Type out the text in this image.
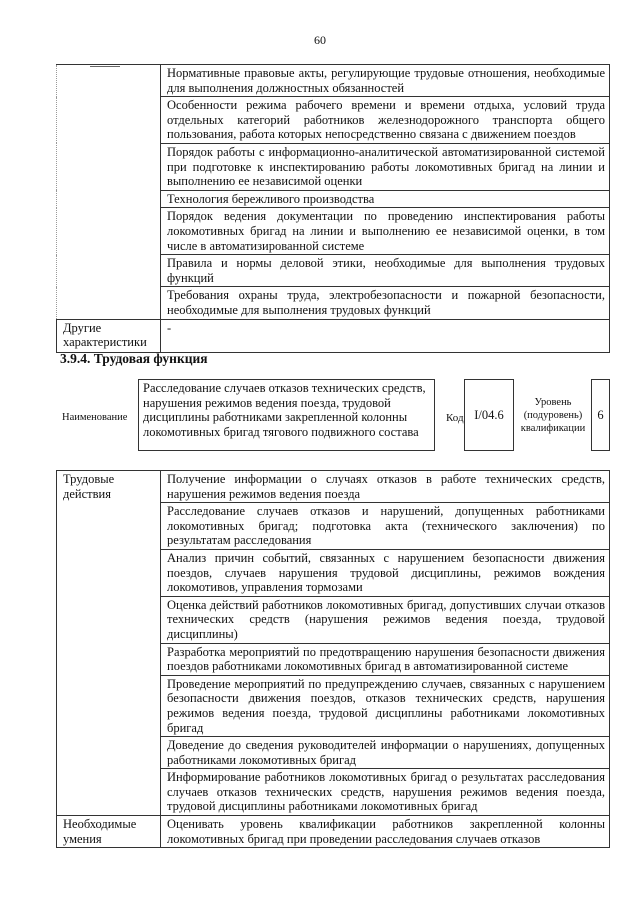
60
	Нормативные правовые акты, регулирующие трудовые отношения, необходимые для выполнения должностных обязанностей
	Особенности режима рабочего времени и времени отдыха, условий труда отдельных категорий работников железнодорожного транспорта общего пользования, работа которых непосредственно связана с движением поездов
	Порядок работы с информационно-аналитической автоматизированной системой при подготовке к инспектированию работы локомотивных бригад на линии и выполнению ее независимой оценки
	Технология бережливого производства
	Порядок ведения документации по проведению инспектирования работы локомотивных бригад на линии и выполнению ее независимой оценки, в том числе в автоматизированной системе
	Правила и нормы деловой этики, необходимые для выполнения трудовых функций
	Требования охраны труда, электробезопасности и пожарной безопасности, необходимые для выполнения трудовых функций
Другие характеристики	-
3.9.4. Трудовая функция
Наименование
Расследование случаев отказов технических средств, нарушения режимов ведения поезда, трудовой дисциплины работниками закрепленной колонны локомотивных бригад тягового подвижного состава
Код I/04.6
Уровень (подуровень) квалификации
6
Трудовые действия	Получение информации о случаях отказов в работе технических средств, нарушения режимов ведения поезда
	Расследование случаев отказов и нарушений, допущенных работниками локомотивных бригад; подготовка акта (технического заключения) по результатам расследования
	Анализ причин событий, связанных с нарушением безопасности движения поездов, случаев нарушения трудовой дисциплины, режимов вождения локомотивов, управления тормозами
	Оценка действий работников локомотивных бригад, допустивших случаи отказов технических средств (нарушения режимов ведения поезда, трудовой дисциплины)
	Разработка мероприятий по предотвращению нарушения безопасности движения поездов работниками локомотивных бригад в автоматизированной системе
	Проведение мероприятий по предупреждению случаев, связанных с нарушением безопасности движения поездов, отказов технических средств, нарушения режимов ведения поезда, трудовой дисциплины работниками локомотивных бригад
	Доведение до сведения руководителей информации о нарушениях, допущенных работниками локомотивных бригад
	Информирование работников локомотивных бригад о результатах расследования случаев отказов технических средств, нарушения режимов ведения поезда, трудовой дисциплины работниками локомотивных бригад
Необходимые умения	Оценивать уровень квалификации работников закрепленной колонны локомотивных бригад при проведении расследования случаев отказов
